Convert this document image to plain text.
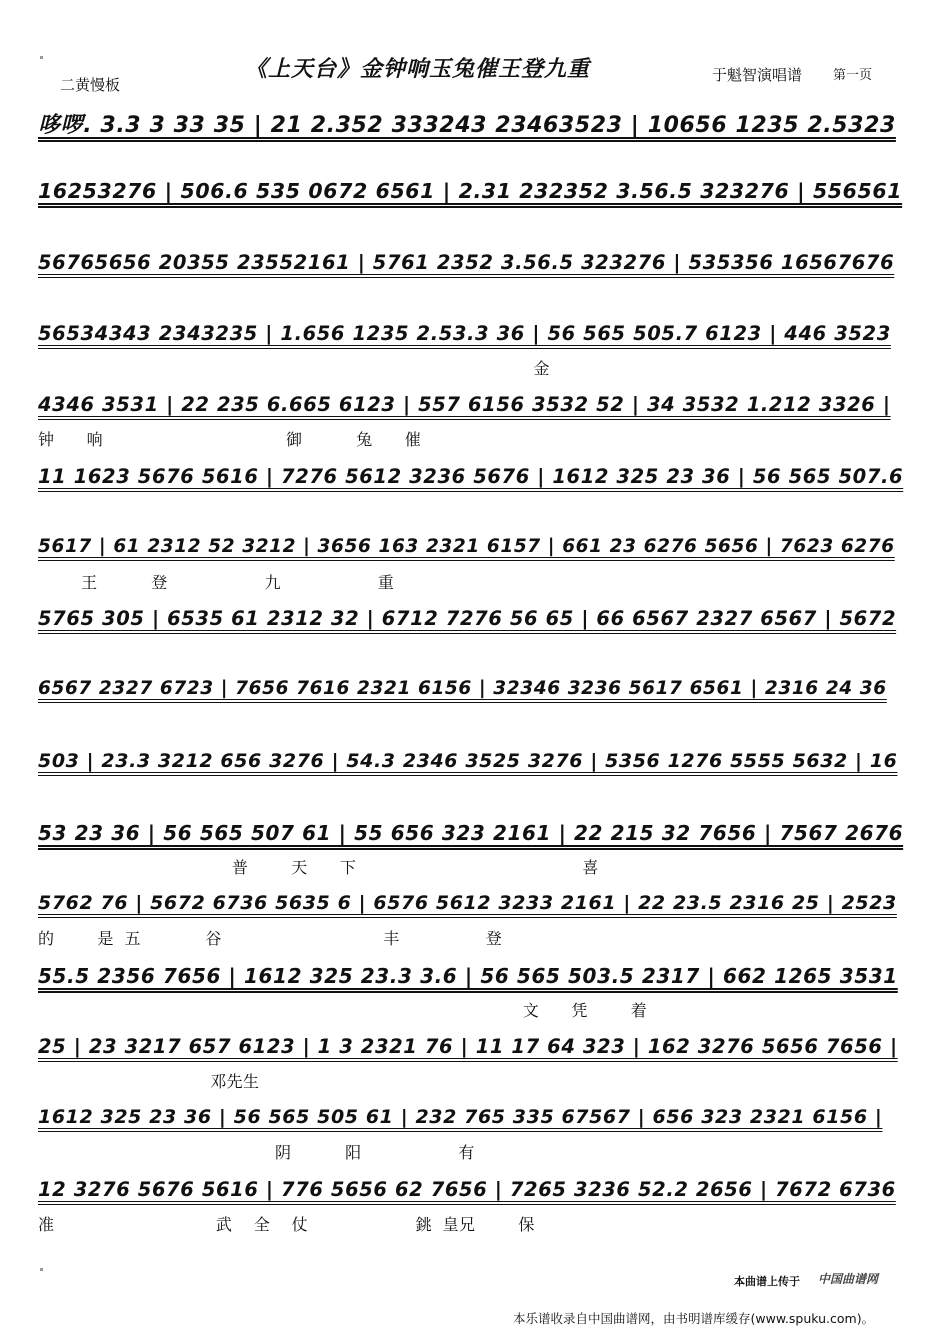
《上天台》金钟响玉兔催王登九重
二黄慢板
于魁智演唱谱 第一页
哆啰. 3.3 3 33 35 | 21 2.352 333243 23463523 | 10656 1235 2.5323
16253276 | 506.6 535 0672 6561 | 2.31 232352 3.56.5 323276 | 556561
56765656 20355 23552161 | 5761 2352 3.56.5 323276 | 535356 16567676
56534343 2343235 | 1.656 1235 2.53.3 36 | 56 565 505.7 6123 | 446 3523
金
4346 3531 | 22 235 6.665 6123 | 557 6156 3532 52 | 34 3532 1.212 3326 |
钟      响                                  御          兔      催
11 1623 5676 5616 | 7276 5612 3236 5676 | 1612 325 23 36 | 56 565 507.6
5617 | 61 2312 52 3212 | 3656 163 2321 6157 | 661 23 6276 5656 | 7623 6276
王          登                  九                  重
5765 305 | 6535 61 2312 32 | 6712 7276 56 65 | 66 6567 2327 6567 | 5672
6567 2327 6723 | 7656 7616 2321 6156 | 32346 3236 5617 6561 | 2316 24 36
503 | 23.3 3212 656 3276 | 54.3 2346 3525 3276 | 5356 1276 5555 5632 | 16
53 23 36 | 56 565 507 61 | 55 656 323 2161 | 22 215 32 7656 | 7567 2676
普        天      下                                          喜
5762 76 | 5672 6736 5635 6 | 6576 5612 3233 2161 | 22 23.5 2316 25 | 2523
的        是  五            谷                              丰                登
55.5 2356 7656 | 1612 325 23.3 3.6 | 56 565 503.5 2317 | 662 1265 3531
文      凭        着
25 | 23 3217 657 6123 | 1 3 2321 76 | 11 17 64 323 | 162 3276 5656 7656 |
邓先生
1612 325 23 36 | 56 565 505 61 | 232 765 335 67567 | 656 323 2321 6156 |
阴          阳                  有
12 3276 5676 5616 | 776 5656 62 7656 | 7265 3236 52.2 2656 | 7672 6736
准                              武    全    仗                    銚  皇兄        保
本曲谱上传于 中国曲谱网
本乐谱收录自中国曲谱网，由书明谱库缓存(www.spuku.com)。
